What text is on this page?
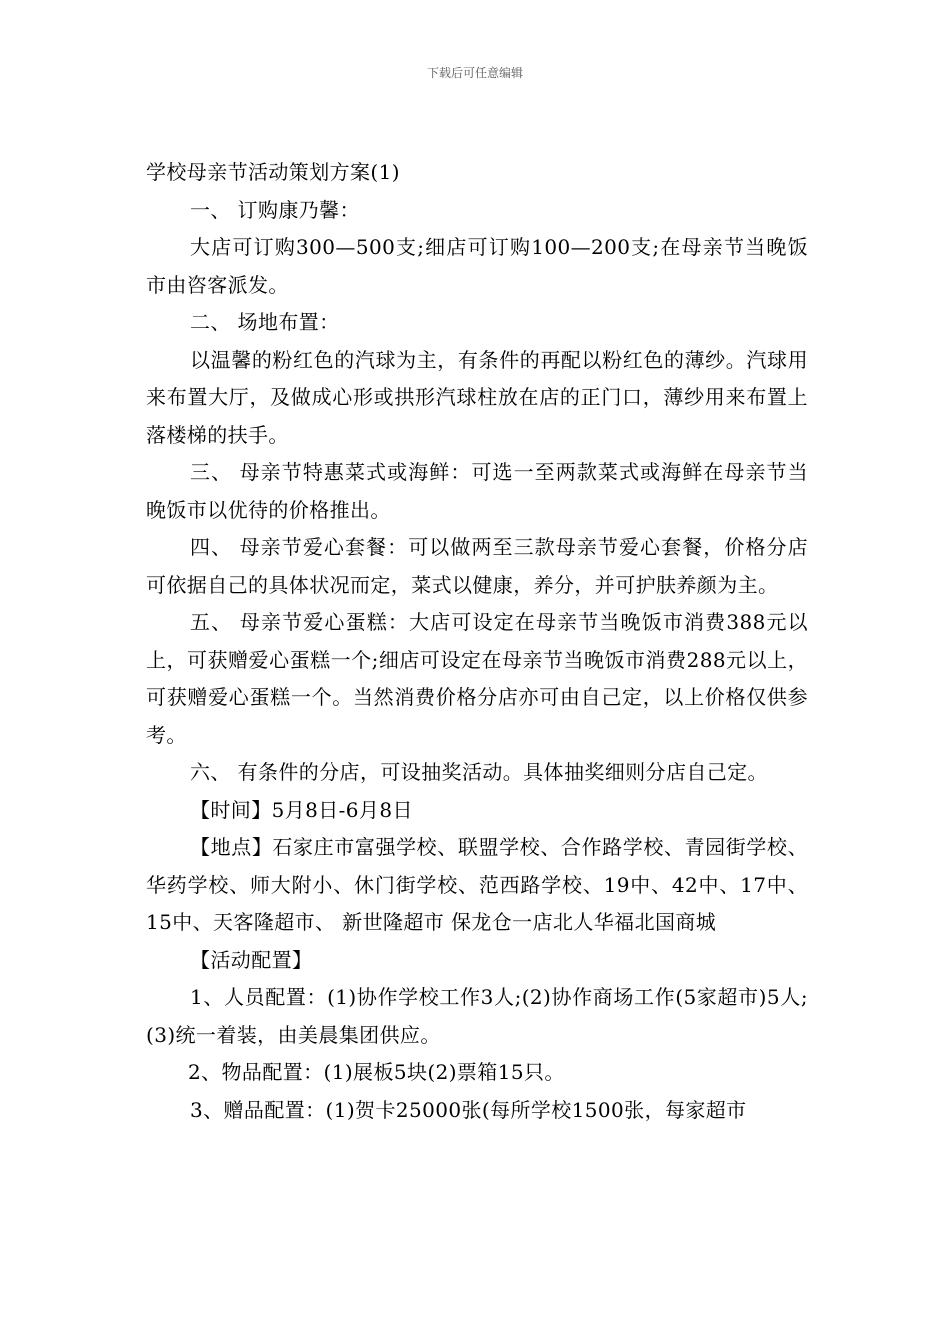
下载后可任意编辑

学校母亲节活动策划方案(1)

一、 订购康乃馨：

大店可订购300—500支;细店可订购100—200支;在母亲节当晚饭市由咨客派发。

二、 场地布置：

以温馨的粉红色的汽球为主，有条件的再配以粉红色的薄纱。汽球用来布置大厅，及做成心形或拱形汽球柱放在店的正门口，薄纱用来布置上落楼梯的扶手。

三、 母亲节特惠菜式或海鲜：可选一至两款菜式或海鲜在母亲节当晚饭市以优待的价格推出。

四、 母亲节爱心套餐：可以做两至三款母亲节爱心套餐，价格分店可依据自己的具体状况而定，菜式以健康，养分，并可护肤养颜为主。

五、 母亲节爱心蛋糕：大店可设定在母亲节当晚饭市消费388元以上，可获赠爱心蛋糕一个;细店可设定在母亲节当晚饭市消费288元以上，可获赠爱心蛋糕一个。当然消费价格分店亦可由自己定，以上价格仅供参考。

六、 有条件的分店，可设抽奖活动。具体抽奖细则分店自己定。

【时间】5月8日-6月8日

【地点】石家庄市富强学校、联盟学校、合作路学校、青园街学校、华药学校、师大附小、休门街学校、范西路学校、19中、42中、17中、15中、天客隆超市、 新世隆超市 保龙仓一店北人华福北国商城

【活动配置】

1、人员配置：(1)协作学校工作3人;(2)协作商场工作(5家超市)5人;(3)统一着装，由美晨集团供应。

2、物品配置：(1)展板5块(2)票箱15只。

3、赠品配置：(1)贺卡25000张(每所学校1500张，每家超市
